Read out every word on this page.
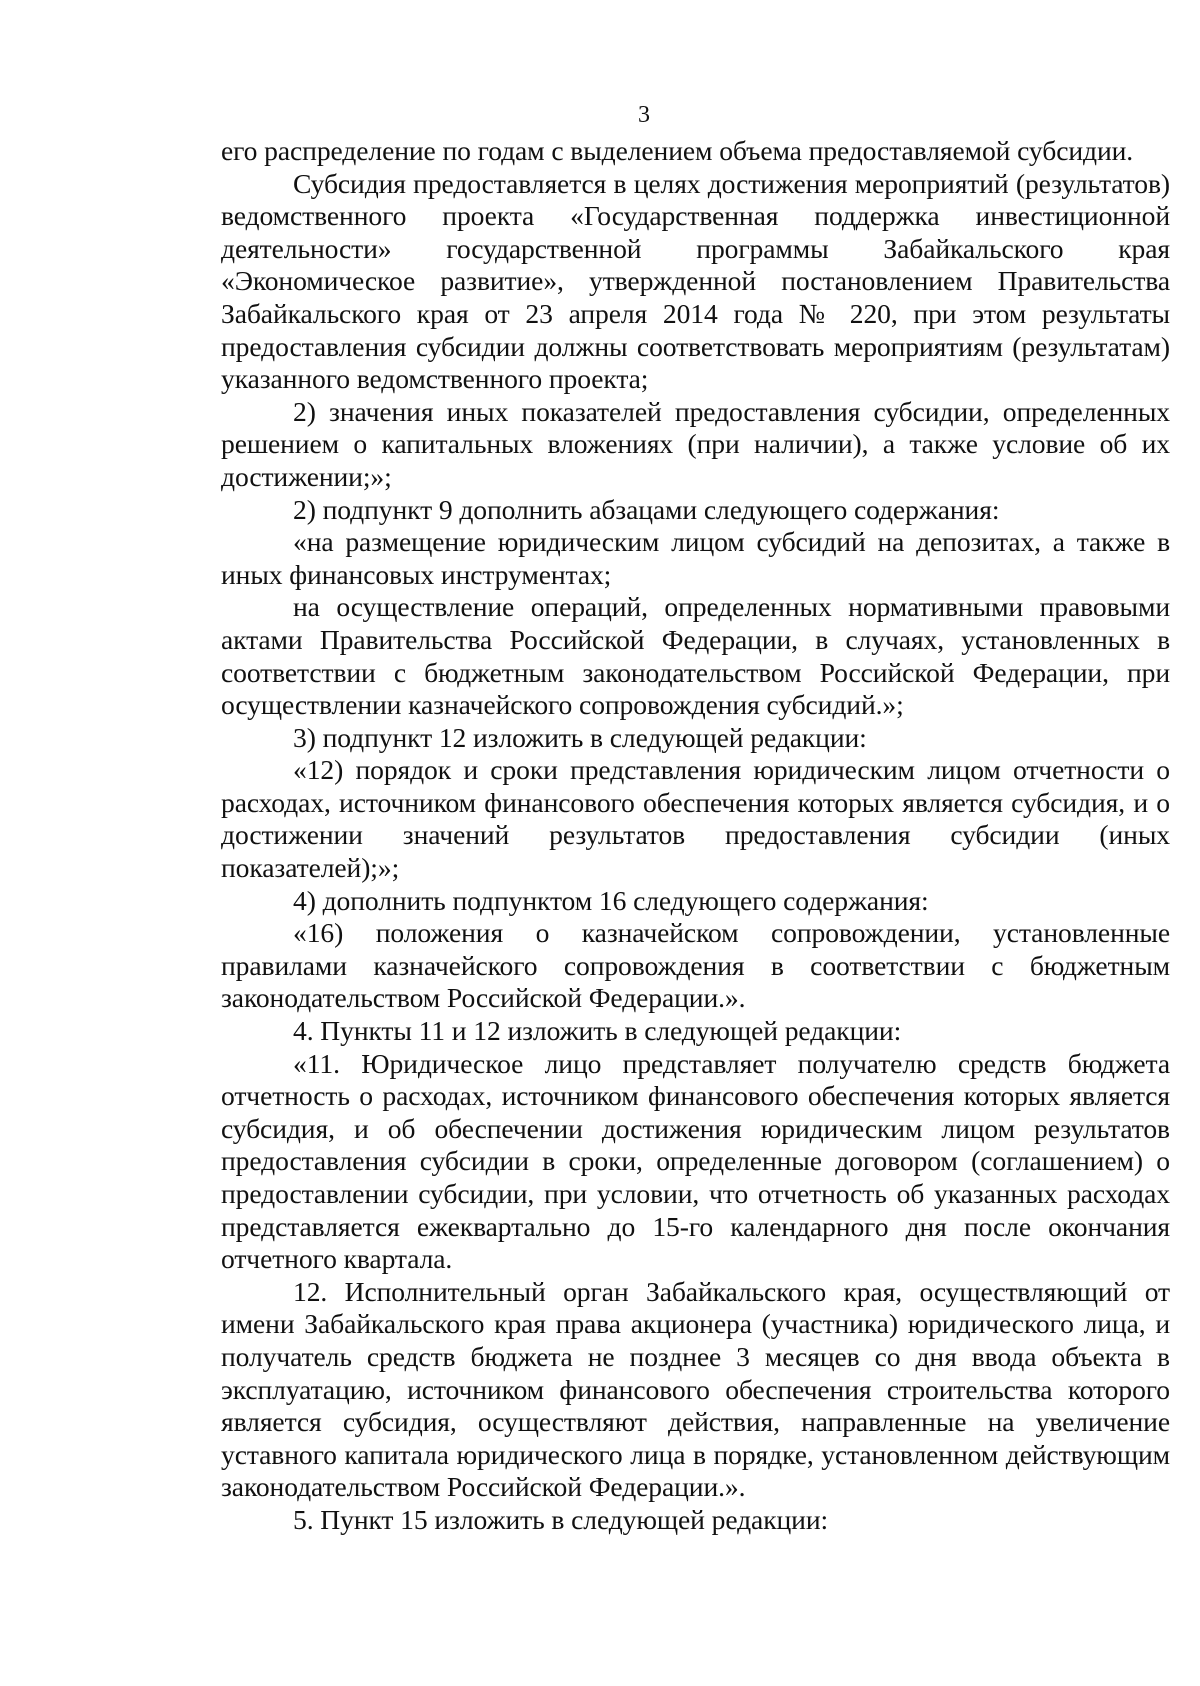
3

его распределение по годам с выделением объема предоставляемой субсидии.

Субсидия предоставляется в целях достижения мероприятий (результатов) ведомственного проекта «Государственная поддержка инвестиционной деятельности» государственной программы Забайкальского края «Экономическое развитие», утвержденной постановлением Правительства Забайкальского края от 23 апреля 2014 года № 220, при этом результаты предоставления субсидии должны соответствовать мероприятиям (результатам) указанного ведомственного проекта;

2) значения иных показателей предоставления субсидии, определенных решением о капитальных вложениях (при наличии), а также условие об их достижении;»;

2) подпункт 9 дополнить абзацами следующего содержания:

«на размещение юридическим лицом субсидий на депозитах, а также в иных финансовых инструментах;

на осуществление операций, определенных нормативными правовыми актами Правительства Российской Федерации, в случаях, установленных в соответствии с бюджетным законодательством Российской Федерации, при осуществлении казначейского сопровождения субсидий.»;

3) подпункт 12 изложить в следующей редакции:

«12) порядок и сроки представления юридическим лицом отчетности о расходах, источником финансового обеспечения которых является субсидия, и о достижении значений результатов предоставления субсидии (иных показателей);»;

4) дополнить подпунктом 16 следующего содержания:

«16) положения о казначейском сопровождении, установленные правилами казначейского сопровождения в соответствии с бюджетным законодательством Российской Федерации.».

4. Пункты 11 и 12 изложить в следующей редакции:

«11. Юридическое лицо представляет получателю средств бюджета отчетность о расходах, источником финансового обеспечения которых является субсидия, и об обеспечении достижения юридическим лицом результатов предоставления субсидии в сроки, определенные договором (соглашением) о предоставлении субсидии, при условии, что отчетность об указанных расходах представляется ежеквартально до 15-го календарного дня после окончания отчетного квартала.

12. Исполнительный орган Забайкальского края, осуществляющий от имени Забайкальского края права акционера (участника) юридического лица, и получатель средств бюджета не позднее 3 месяцев со дня ввода объекта в эксплуатацию, источником финансового обеспечения строительства которого является субсидия, осуществляют действия, направленные на увеличение уставного капитала юридического лица в порядке, установленном действующим законодательством Российской Федерации.».

5. Пункт 15 изложить в следующей редакции:
